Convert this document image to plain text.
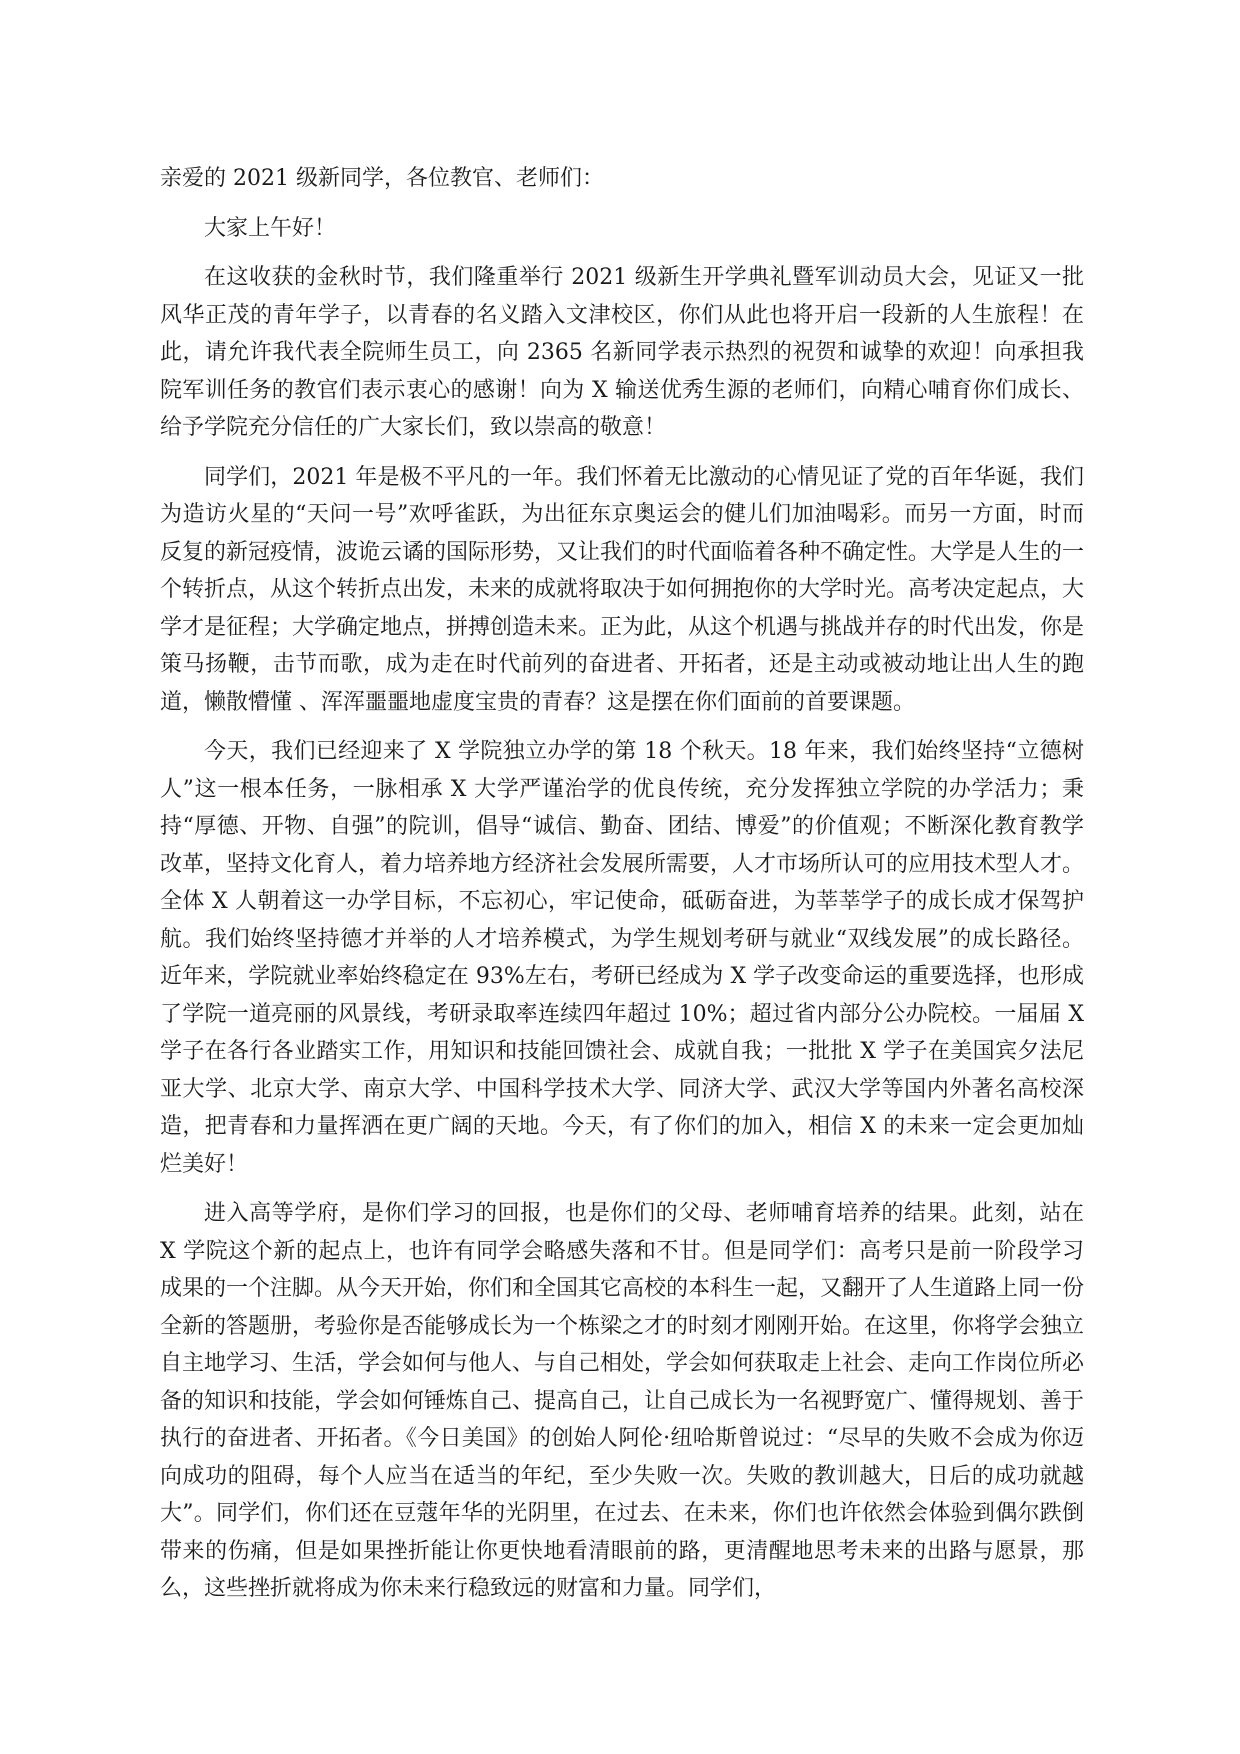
亲爱的 2021 级新同学，各位教官、老师们：

大家上午好！

在这收获的金秋时节，我们隆重举行 2021 级新生开学典礼暨军训动员大会，见证又一批风华正茂的青年学子，以青春的名义踏入文津校区，你们从此也将开启一段新的人生旅程！在此，请允许我代表全院师生员工，向 2365 名新同学表示热烈的祝贺和诚挚的欢迎！向承担我院军训任务的教官们表示衷心的感谢！向为 X 输送优秀生源的老师们，向精心哺育你们成长、给予学院充分信任的广大家长们，致以崇高的敬意！

同学们，2021 年是极不平凡的一年。我们怀着无比激动的心情见证了党的百年华诞，我们为造访火星的“天问一号”欢呼雀跃，为出征东京奥运会的健儿们加油喝彩。而另一方面，时而反复的新冠疫情，波诡云谲的国际形势，又让我们的时代面临着各种不确定性。大学是人生的一个转折点，从这个转折点出发，未来的成就将取决于如何拥抱你的大学时光。高考决定起点，大学才是征程；大学确定地点，拼搏创造未来。正为此，从这个机遇与挑战并存的时代出发，你是策马扬鞭，击节而歌，成为走在时代前列的奋进者、开拓者，还是主动或被动地让出人生的跑道，懒散懵懂 、浑浑噩噩地虚度宝贵的青春？这是摆在你们面前的首要课题。

今天，我们已经迎来了 X 学院独立办学的第 18 个秋天。18 年来，我们始终坚持“立德树人”这一根本任务，一脉相承 X 大学严谨治学的优良传统，充分发挥独立学院的办学活力；秉持“厚德、开物、自强”的院训，倡导“诚信、勤奋、团结、博爱”的价值观；不断深化教育教学改革，坚持文化育人，着力培养地方经济社会发展所需要，人才市场所认可的应用技术型人才。全体 X 人朝着这一办学目标，不忘初心，牢记使命，砥砺奋进，为莘莘学子的成长成才保驾护航。我们始终坚持德才并举的人才培养模式，为学生规划考研与就业“双线发展”的成长路径。近年来，学院就业率始终稳定在 93%左右，考研已经成为 X 学子改变命运的重要选择，也形成了学院一道亮丽的风景线，考研录取率连续四年超过 10%；超过省内部分公办院校。一届届 X 学子在各行各业踏实工作，用知识和技能回馈社会、成就自我；一批批 X 学子在美国宾夕法尼亚大学、北京大学、南京大学、中国科学技术大学、同济大学、武汉大学等国内外著名高校深造，把青春和力量挥洒在更广阔的天地。今天，有了你们的加入，相信 X 的未来一定会更加灿烂美好！

进入高等学府，是你们学习的回报，也是你们的父母、老师哺育培养的结果。此刻，站在 X 学院这个新的起点上，也许有同学会略感失落和不甘。但是同学们：高考只是前一阶段学习成果的一个注脚。从今天开始，你们和全国其它高校的本科生一起，又翻开了人生道路上同一份全新的答题册，考验你是否能够成长为一个栋梁之才的时刻才刚刚开始。在这里，你将学会独立自主地学习、生活，学会如何与他人、与自己相处，学会如何获取走上社会、走向工作岗位所必备的知识和技能，学会如何锤炼自己、提高自己，让自己成长为一名视野宽广、懂得规划、善于执行的奋进者、开拓者。《今日美国》的创始人阿伦·纽哈斯曾说过：“尽早的失败不会成为你迈向成功的阻碍，每个人应当在适当的年纪，至少失败一次。失败的教训越大，日后的成功就越大”。同学们，你们还在豆蔻年华的光阴里，在过去、在未来，你们也许依然会体验到偶尔跌倒带来的伤痛，但是如果挫折能让你更快地看清眼前的路，更清醒地思考未来的出路与愿景，那么，这些挫折就将成为你未来行稳致远的财富和力量。同学们，
